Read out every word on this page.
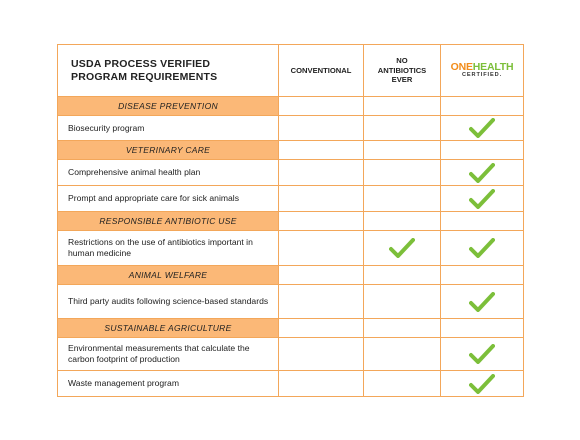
USDA PROCESS VERIFIED PROGRAM REQUIREMENTS
CONVENTIONAL
NO
ANTIBIOTICS
EVER
ONEHEALTH
CERTIFIED.
DISEASE PREVENTION
Biosecurity program
VETERINARY CARE
Comprehensive animal health plan
Prompt and appropriate care for sick animals
RESPONSIBLE ANTIBIOTIC USE
Restrictions on the use of antibiotics important in human medicine
ANIMAL WELFARE
Third party audits following science-based standards
SUSTAINABLE AGRICULTURE
Environmental measurements that calculate the carbon footprint of production
Waste management program
